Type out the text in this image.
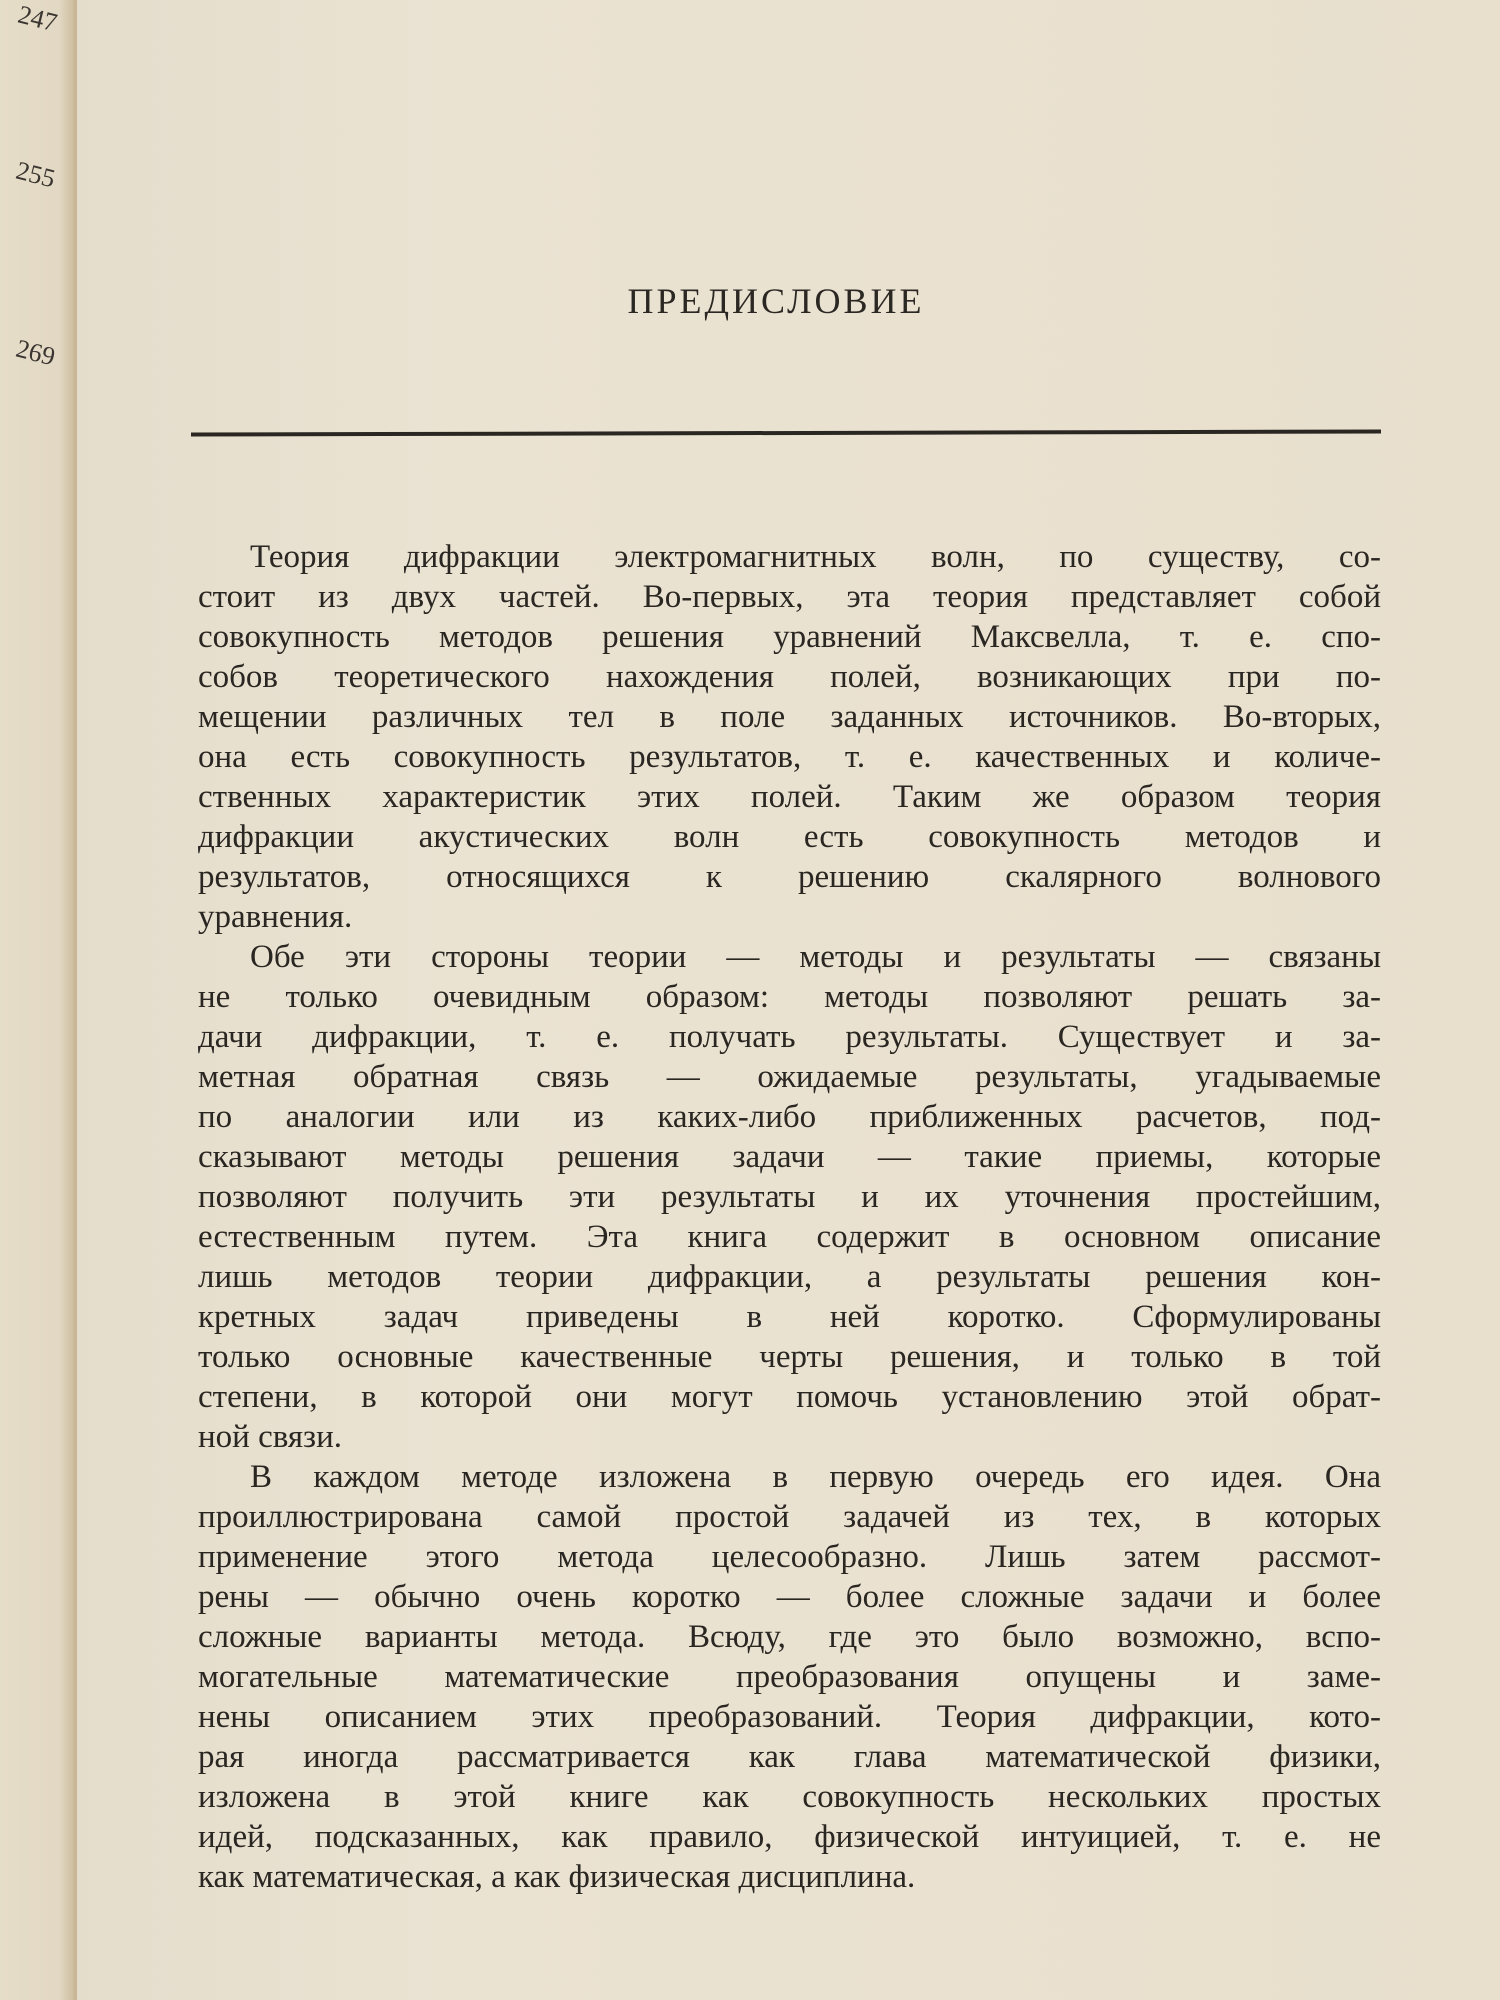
247
255
269
ПРЕДИСЛОВИЕ
Теория дифракции электромагнитных волн, по существу, со-
стоит из двух частей. Во-первых, эта теория представляет собой
совокупность методов решения уравнений Максвелла, т. е. спо-
собов теоретического нахождения полей, возникающих при по-
мещении различных тел в поле заданных источников. Во-вторых,
она есть совокупность результатов, т. е. качественных и количе-
ственных характеристик этих полей. Таким же образом теория
дифракции акустических волн есть совокупность методов и
результатов, относящихся к решению скалярного волнового
уравнения.
Обе эти стороны теории — методы и результаты — связаны
не только очевидным образом: методы позволяют решать за-
дачи дифракции, т. е. получать результаты. Существует и за-
метная обратная связь — ожидаемые результаты, угадываемые
по аналогии или из каких-либо приближенных расчетов, под-
сказывают методы решения задачи — такие приемы, которые
позволяют получить эти результаты и их уточнения простейшим,
естественным путем. Эта книга содержит в основном описание
лишь методов теории дифракции, а результаты решения кон-
кретных задач приведены в ней коротко. Сформулированы
только основные качественные черты решения, и только в той
степени, в которой они могут помочь установлению этой обрат-
ной связи.
В каждом методе изложена в первую очередь его идея. Она
проиллюстрирована самой простой задачей из тех, в которых
применение этого метода целесообразно. Лишь затем рассмот-
рены — обычно очень коротко — более сложные задачи и более
сложные варианты метода. Всюду, где это было возможно, вспо-
могательные математические преобразования опущены и заме-
нены описанием этих преобразований. Теория дифракции, кото-
рая иногда рассматривается как глава математической физики,
изложена в этой книге как совокупность нескольких простых
идей, подсказанных, как правило, физической интуицией, т. е. не
как математическая, а как физическая дисциплина.
